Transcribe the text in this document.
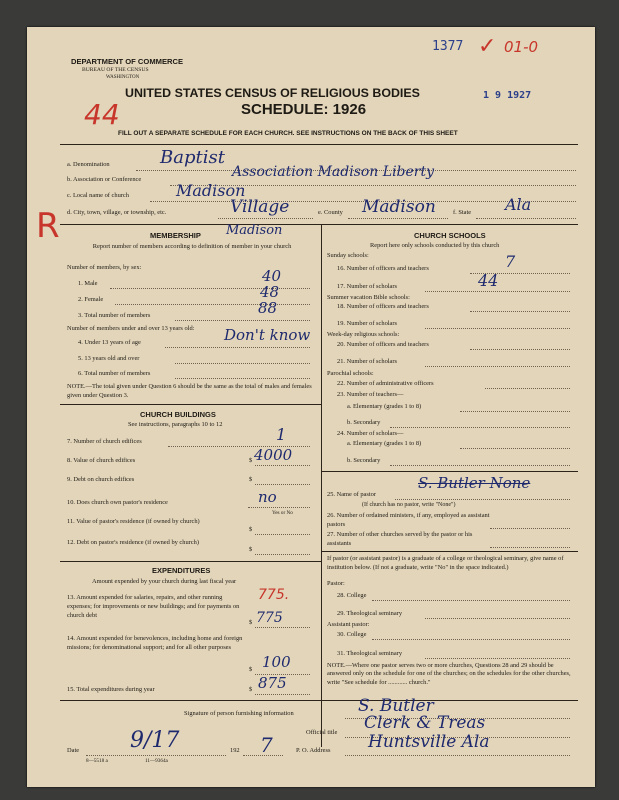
1377 ✓ 01-0
44
R
1 9 1927
DEPARTMENT OF COMMERCE
BUREAU OF THE CENSUS
WASHINGTON
UNITED STATES CENSUS OF RELIGIOUS BODIES
SCHEDULE: 1926
FILL OUT A SEPARATE SCHEDULE FOR EACH CHURCH. SEE INSTRUCTIONS ON THE BACK OF THIS SHEET
a. Denomination	Baptist
b. Association or Conference	Association Madison Liberty
c. Local name of church	Madison
d. City, town, village, or township, etc.	Village	e. County Madison	f. State Ala
MEMBERSHIP Madison
Report number of members according to definition of member in your church
Number of members, by sex:
1. Male	40
2. Female	48
3. Total number of members	88
Number of members under and over 13 years old:
4. Under 13 years of age	Don't know
5. 13 years old and over
6. Total number of members
NOTE.—The total given under Question 6 should be the same as the total of males and females given under Question 3.
CHURCH BUILDINGS
See instructions, paragraphs 10 to 12
7. Number of church edifices	1
8. Value of church edifices	$ 4000
9. Debt on church edifices	$
10. Does church own pastor's residence	no
Yes or No
11. Value of pastor's residence (if owned by church)
$
12. Debt on pastor's residence (if owned by church)
$
EXPENDITURES
Amount expended by your church during last fiscal year
13. Amount expended for salaries, repairs, and other running expenses; for improvements or new buildings; and for payments on church debt
775.
$ 775
14. Amount expended for benevolences, including home and foreign missions; for denominational support; and for all other purposes
$ 100
15. Total expenditures during year	$ 875
CHURCH SCHOOLS
Report here only schools conducted by this church
Sunday schools:
16. Number of officers and teachers	7
17. Number of scholars	44
Summer vacation Bible schools:
18. Number of officers and teachers
19. Number of scholars
Week-day religious schools:
20. Number of officers and teachers
21. Number of scholars
Parochial schools:
22. Number of administrative officers
23. Number of teachers—
a. Elementary (grades 1 to 8)
b. Secondary
24. Number of scholars—
a. Elementary (grades 1 to 8)
b. Secondary
25. Name of pastor
S. Butler None
(If church has no pastor, write "None")
26. Number of ordained ministers, if any, employed as assistant pastors
27. Number of other churches served by the pastor or his assistants
If pastor (or assistant pastor) is a graduate of a college or theological seminary, give name of institution below. (If not a graduate, write "No" in the space indicated.)
Pastor:
28. College
29. Theological seminary
Assistant pastor:
30. College
31. Theological seminary
NOTE.—Where one pastor serves two or more churches, Questions 28 and 29 should be answered only on the schedule for one of the churches; on the schedules for the other churches, write "See schedule for ............ church."
Signature of person furnishing information	S. Butler
Official title Clerk & Treas
Date 9/17	192 7	P. O. Address Huntsville Ala
8—5518 a	11—9364a
